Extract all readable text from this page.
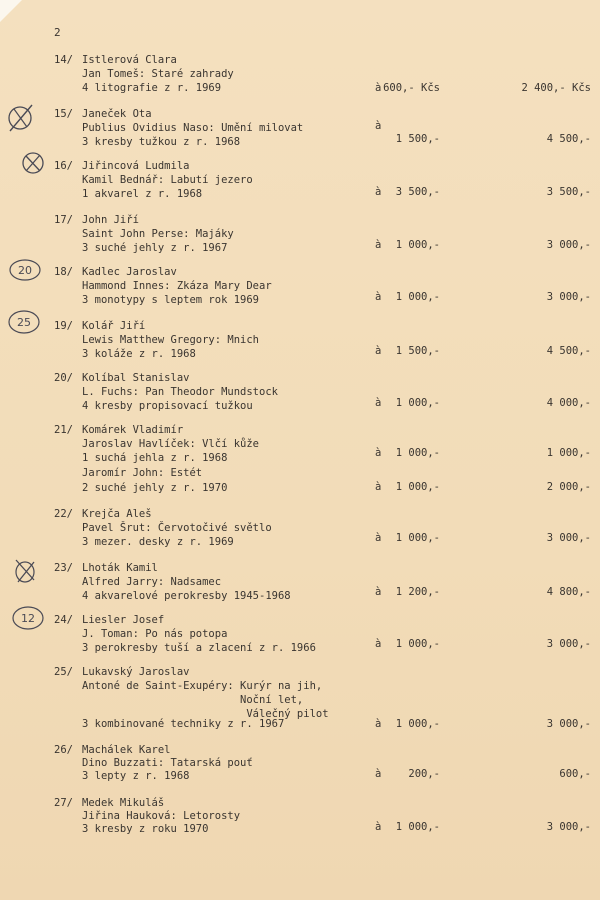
2
14/ Istlerová Clara
Jan Tomeš: Staré zahrady
4 litografie z r. 1969	à 600,- Kčs	2 400,- Kčs
15/ Janeček Ota
Publius Ovidius Naso: Umění milovat
3 kresby tužkou z r. 1968
à
1 500,-	4 500,-
16/ Jiřincová Ludmila
Kamil Bednář: Labutí jezero
1 akvarel z r. 1968	à 3 500,-	3 500,-
17/ John Jiří
Saint John Perse: Majáky
3 suché jehly z r. 1967	à 1 000,-	3 000,-
18/ Kadlec Jaroslav
Hammond Innes: Zkáza Mary Dear
3 monotypy s leptem rok 1969	à 1 000,-	3 000,-
19/ Kolář Jiří
Lewis Matthew Gregory: Mnich
3 koláže z r. 1968	à 1 500,-	4 500,-
20/ Kolíbal Stanislav
L. Fuchs: Pan Theodor Mundstock
4 kresby propisovací tužkou	à 1 000,-	4 000,-
21/ Komárek Vladimír
Jaroslav Havlíček: Vlčí kůže
1 suchá jehla z r. 1968	à 1 000,-	1 000,-
Jaromír John: Estét
2 suché jehly z r. 1970	à 1 000,-	2 000,-
22/ Krejča Aleš
Pavel Šrut: Červotočivé světlo
3 mezer. desky z r. 1969	à 1 000,-	3 000,-
23/ Lhoták Kamil
Alfred Jarry: Nadsamec
4 akvarelové perokresby 1945-1968	à 1 200,-	4 800,-
24/ Liesler Josef
J. Toman: Po nás potopa
3 perokresby tuší a zlacení z r. 1966	à 1 000,-	3 000,-
25/ Lukavský Jaroslav
Antoné de Saint-Exupéry: Kurýr na jih,
Noční let,
Válečný pilot
3 kombinované techniky z r. 1967	à 1 000,-	3 000,-
26/ Machálek Karel
Dino Buzzati: Tatarská pouť
3 lepty z r. 1968	à	200,-	600,-
27/ Medek Mikuláš
Jiřina Hauková: Letorosty
3 kresby z roku 1970	à 1 000,-	3 000,-
20
25
12
